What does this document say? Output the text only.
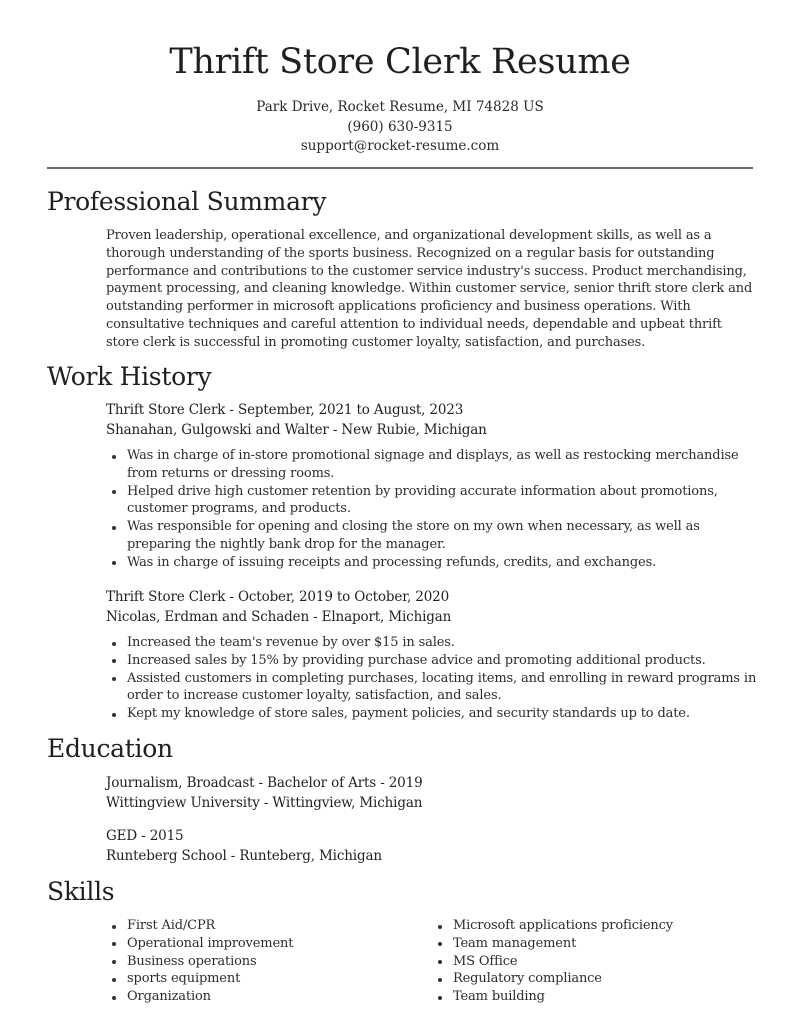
Thrift Store Clerk Resume
Park Drive, Rocket Resume, MI 74828 US
(960) 630-9315
support@rocket-resume.com
Professional Summary
Proven leadership, operational excellence, and organizational development skills, as well as a thorough understanding of the sports business. Recognized on a regular basis for outstanding performance and contributions to the customer service industry's success. Product merchandising, payment processing, and cleaning knowledge. Within customer service, senior thrift store clerk and outstanding performer in microsoft applications proficiency and business operations. With consultative techniques and careful attention to individual needs, dependable and upbeat thrift store clerk is successful in promoting customer loyalty, satisfaction, and purchases.
Work History
Thrift Store Clerk - September, 2021 to August, 2023
Shanahan, Gulgowski and Walter - New Rubie, Michigan
Was in charge of in-store promotional signage and displays, as well as restocking merchandise from returns or dressing rooms.
Helped drive high customer retention by providing accurate information about promotions, customer programs, and products.
Was responsible for opening and closing the store on my own when necessary, as well as preparing the nightly bank drop for the manager.
Was in charge of issuing receipts and processing refunds, credits, and exchanges.
Thrift Store Clerk - October, 2019 to October, 2020
Nicolas, Erdman and Schaden - Elnaport, Michigan
Increased the team's revenue by over $15 in sales.
Increased sales by 15% by providing purchase advice and promoting additional products.
Assisted customers in completing purchases, locating items, and enrolling in reward programs in order to increase customer loyalty, satisfaction, and sales.
Kept my knowledge of store sales, payment policies, and security standards up to date.
Education
Journalism, Broadcast - Bachelor of Arts - 2019
Wittingview University - Wittingview, Michigan
GED - 2015
Runteberg School - Runteberg, Michigan
Skills
First Aid/CPR
Operational improvement
Business operations
sports equipment
Organization
Microsoft applications proficiency
Team management
MS Office
Regulatory compliance
Team building
